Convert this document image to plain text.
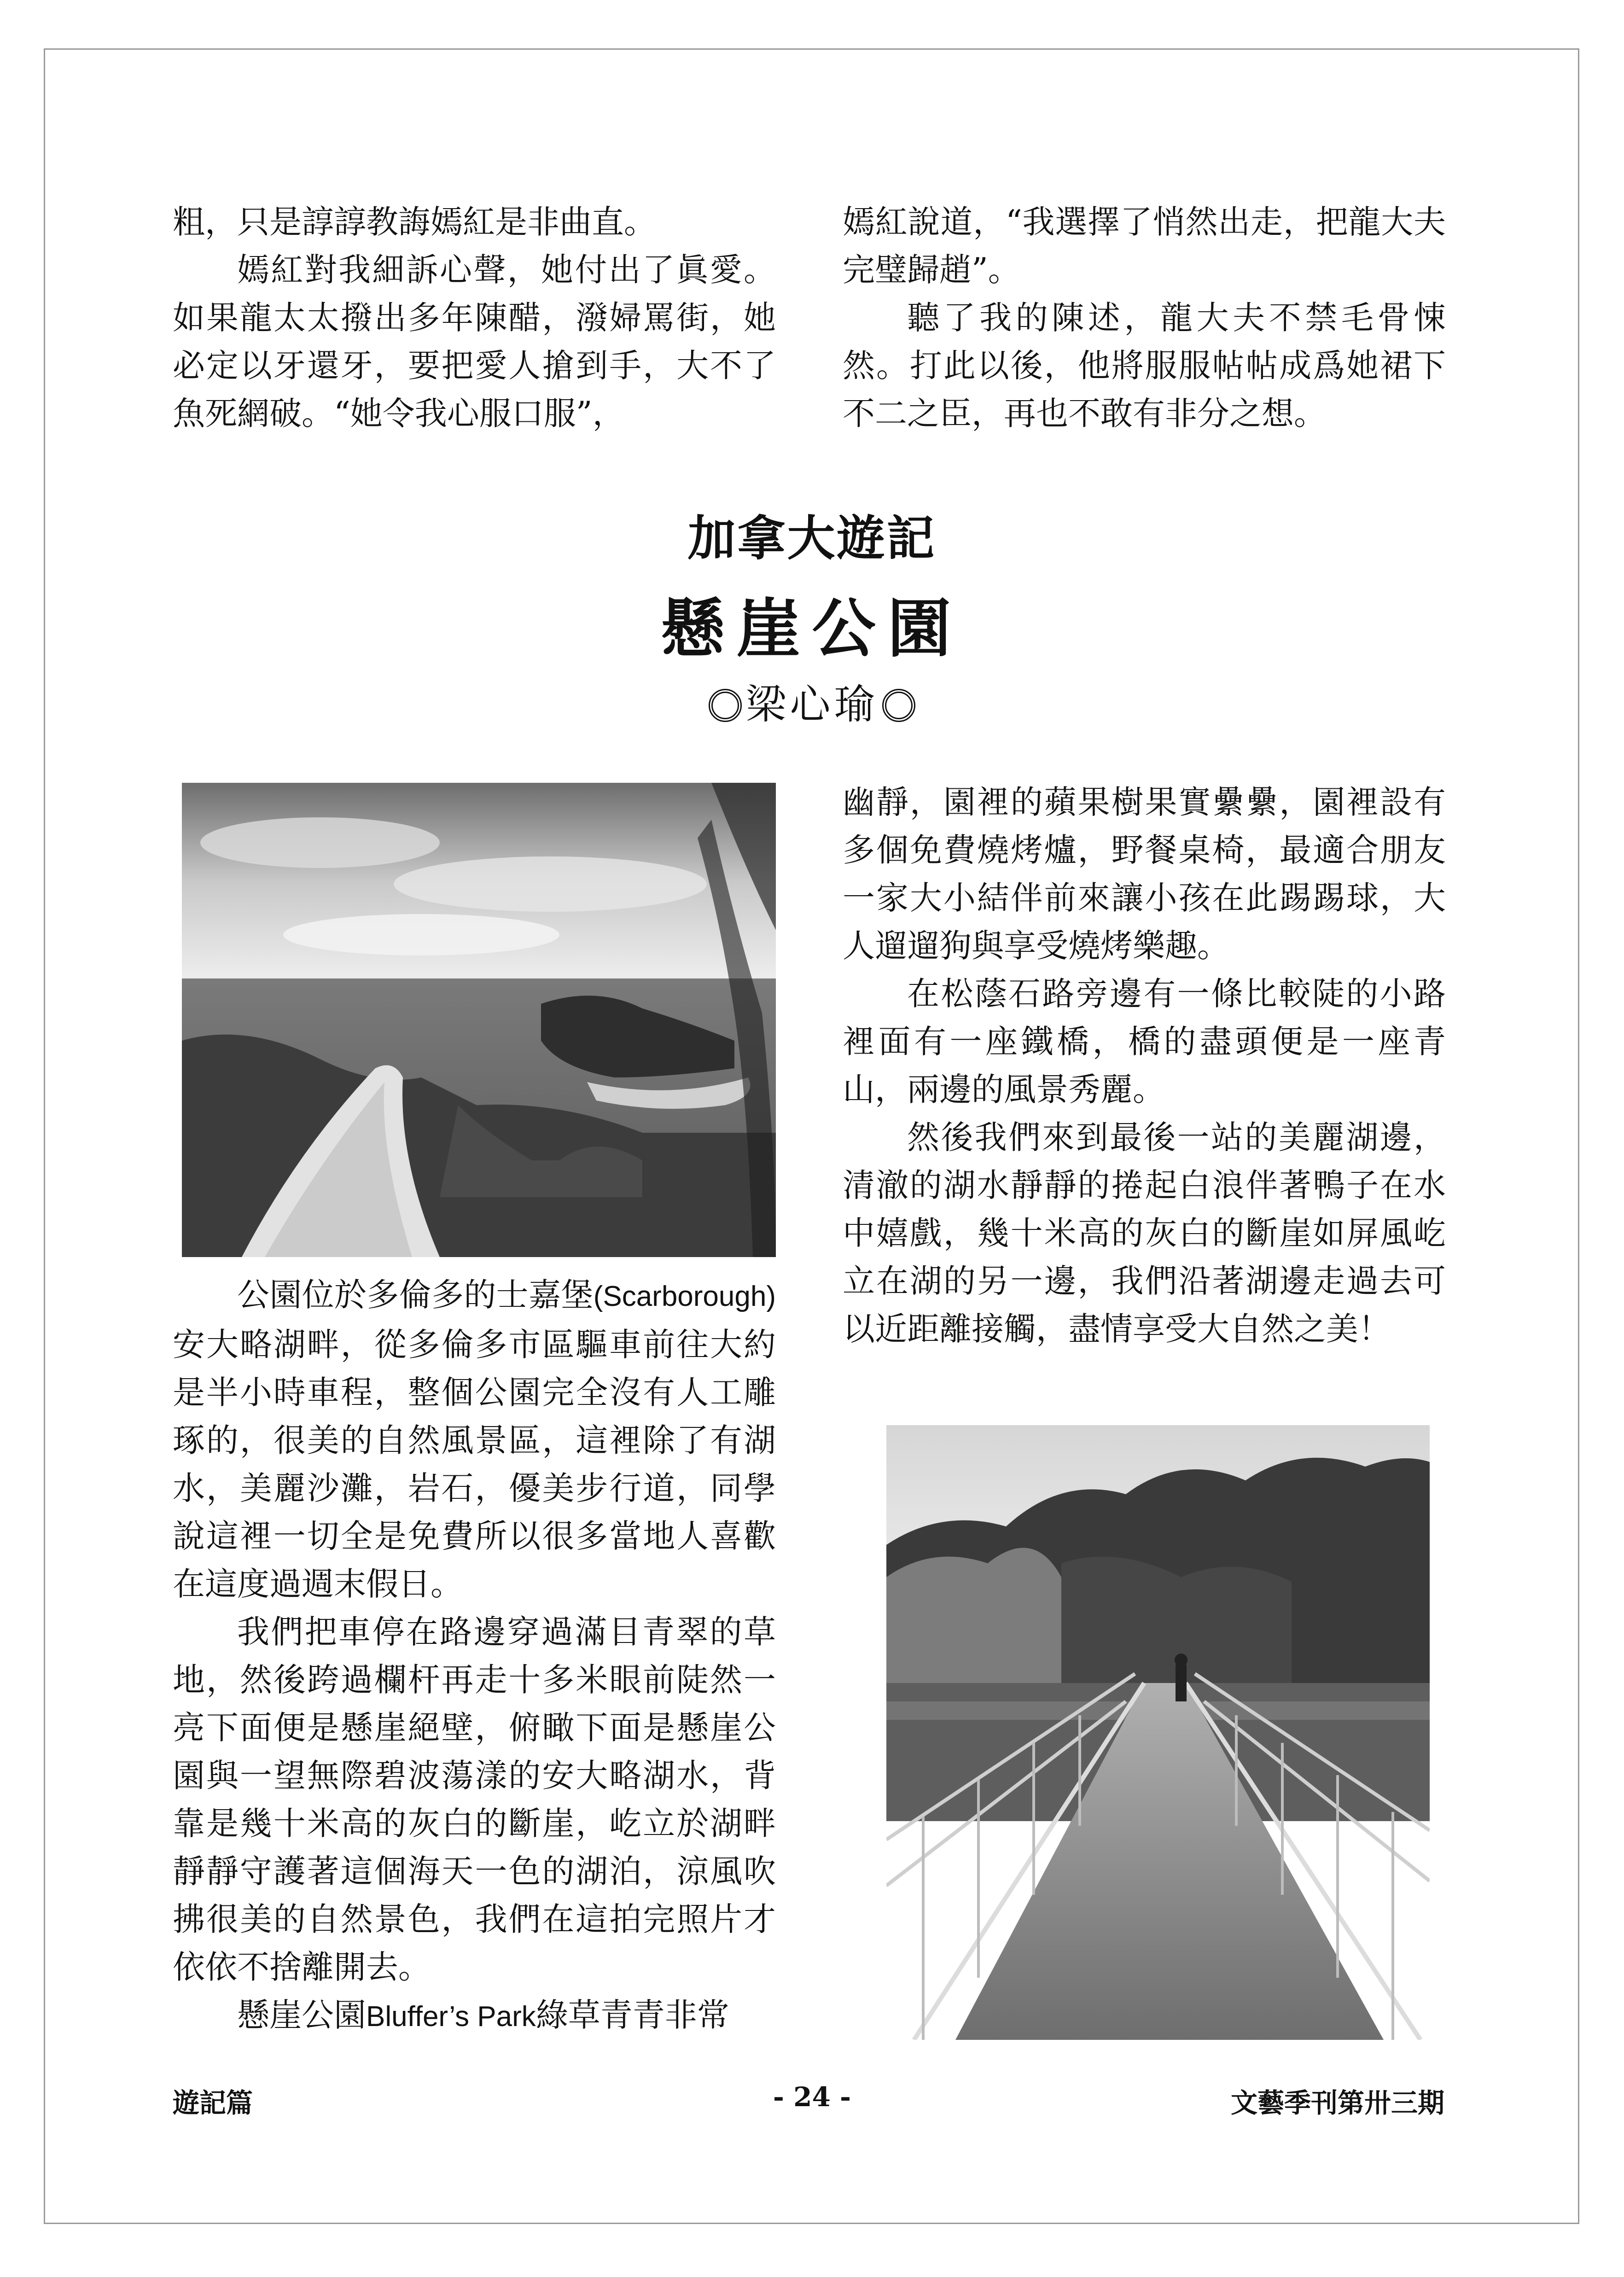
粗，只是諄諄教誨嫣紅是非曲直。

嫣紅對我細訴心聲，她付出了眞愛。如果龍太太撥出多年陳醋，潑婦罵街，她必定以牙還牙，要把愛人搶到手，大不了魚死網破。“她令我心服口服”，

嫣紅說道，“我選擇了悄然出走，把龍大夫完璧歸趙”。

聽了我的陳述，龍大夫不禁毛骨悚然。打此以後，他將服服帖帖成爲她裙下不二之臣，再也不敢有非分之想。

加拿大遊記
懸崖公園
梁心瑜

公園位於多倫多的士嘉堡(Scarborough)安大略湖畔，從多倫多市區驅車前往大約是半小時車程，整個公園完全沒有人工雕琢的，很美的自然風景區，這裡除了有湖水，美麗沙灘，岩石，優美步行道，同學說這裡一切全是免費所以很多當地人喜歡在這度過週末假日。

我們把車停在路邊穿過滿目青翠的草地，然後跨過欄杆再走十多米眼前陡然一亮下面便是懸崖絕壁，俯瞰下面是懸崖公園與一望無際碧波蕩漾的安大略湖水，背靠是幾十米高的灰白的斷崖，屹立於湖畔靜靜守護著這個海天一色的湖泊，涼風吹拂很美的自然景色，我們在這拍完照片才依依不捨離開去。

懸崖公園Bluffer’s Park綠草青青非常

幽靜，園裡的蘋果樹果實纍纍，園裡設有多個免費燒烤爐，野餐桌椅，最適合朋友一家大小結伴前來讓小孩在此踢踢球，大人遛遛狗與享受燒烤樂趣。

在松蔭石路旁邊有一條比較陡的小路裡面有一座鐵橋，橋的盡頭便是一座青山，兩邊的風景秀麗。

然後我們來到最後一站的美麗湖邊，清澈的湖水靜靜的捲起白浪伴著鴨子在水中嬉戲，幾十米高的灰白的斷崖如屏風屹立在湖的另一邊，我們沿著湖邊走過去可以近距離接觸，盡情享受大自然之美！

遊記篇	- 24 -	文藝季刊第卅三期
